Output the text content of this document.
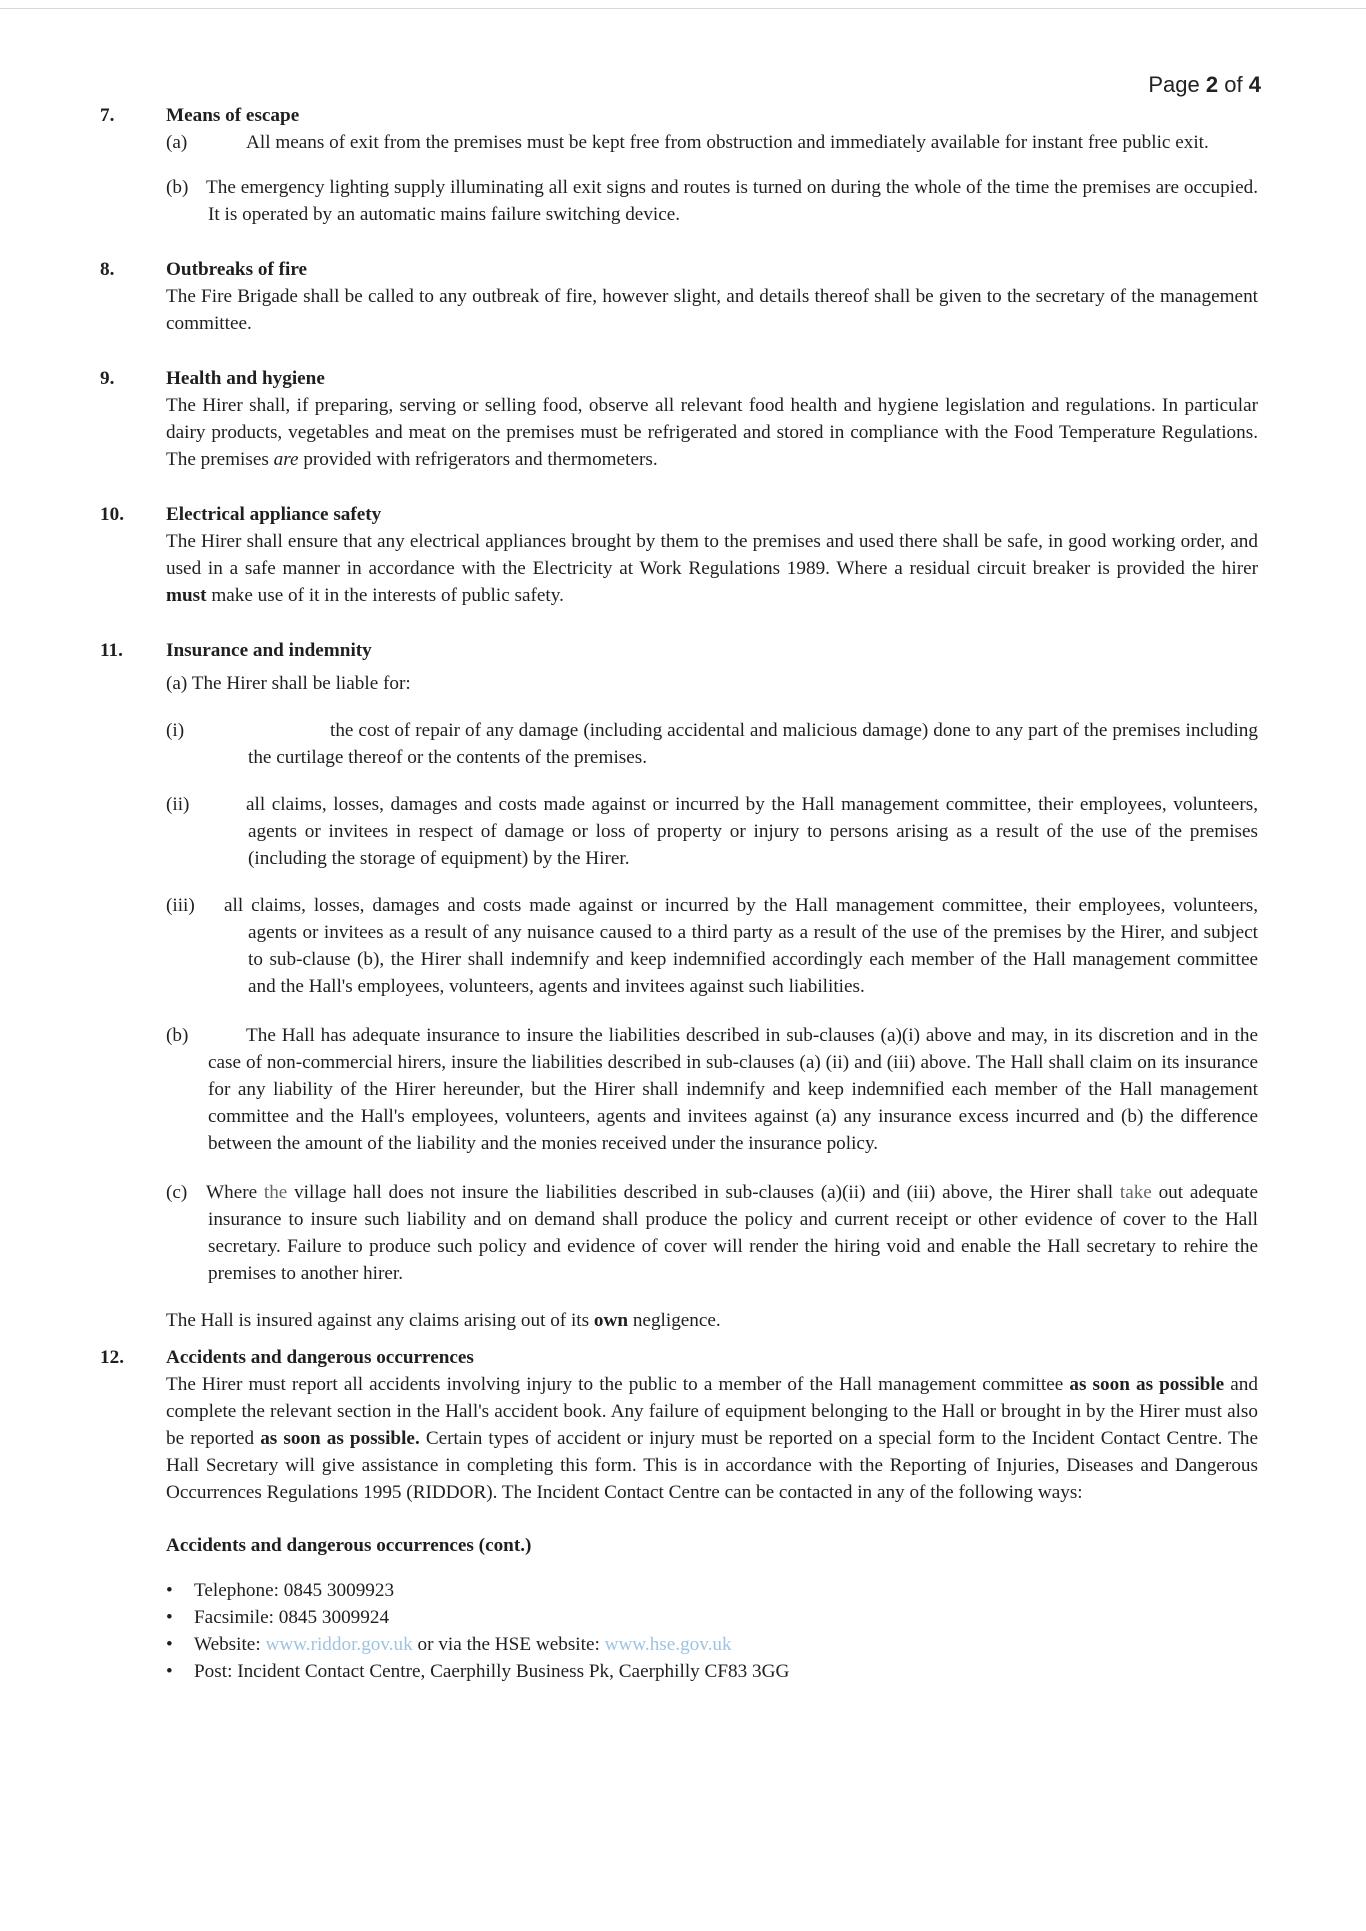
Page 2 of 4
7.	Means of escape

(a)	All means of exit from the premises must be kept free from obstruction and immediately available for instant free public exit.

(b) The emergency lighting supply illuminating all exit signs and routes is turned on during the whole of the time the premises are occupied. It is operated by an automatic mains failure switching device.

8.	Outbreaks of fire

The Fire Brigade shall be called to any outbreak of fire, however slight, and details thereof shall be given to the secretary of the management committee.

9.	Health and hygiene

The Hirer shall, if preparing, serving or selling food, observe all relevant food health and hygiene legislation and regulations. In particular dairy products, vegetables and meat on the premises must be refrigerated and stored in compliance with the Food Temperature Regulations. The premises are provided with refrigerators and thermometers.

10. Electrical appliance safety

The Hirer shall ensure that any electrical appliances brought by them to the premises and used there shall be safe, in good working order, and used in a safe manner in accordance with the Electricity at Work Regulations 1989. Where a residual circuit breaker is provided the hirer must make use of it in the interests of public safety.

11. Insurance and indemnity

(a) The Hirer shall be liable for:

(i)	the cost of repair of any damage (including accidental and malicious damage) done to any part of the premises including the curtilage thereof or the contents of the premises.

(ii)	all claims, losses, damages and costs made against or incurred by the Hall management committee, their employees, volunteers, agents or invitees in respect of damage or loss of property or injury to persons arising as a result of the use of the premises (including the storage of equipment) by the Hirer.

(iii) all claims, losses, damages and costs made against or incurred by the Hall management committee, their employees, volunteers, agents or invitees as a result of any nuisance caused to a third party as a result of the use of the premises by the Hirer, and subject to sub-clause (b), the Hirer shall indemnify and keep indemnified accordingly each member of the Hall management committee and the Hall's employees, volunteers, agents and invitees against such liabilities.

(b)	The Hall has adequate insurance to insure the liabilities described in sub-clauses (a)(i) above and may, in its discretion and in the case of non-commercial hirers, insure the liabilities described in sub-clauses (a) (ii) and (iii) above. The Hall shall claim on its insurance for any liability of the Hirer hereunder, but the Hirer shall indemnify and keep indemnified each member of the Hall management committee and the Hall's employees, volunteers, agents and invitees against (a) any insurance excess incurred and (b) the difference between the amount of the liability and the monies received under the insurance policy.

(c) Where the village hall does not insure the liabilities described in sub-clauses (a)(ii) and (iii) above, the Hirer shall take out adequate insurance to insure such liability and on demand shall produce the policy and current receipt or other evidence of cover to the Hall secretary. Failure to produce such policy and evidence of cover will render the hiring void and enable the Hall secretary to rehire the premises to another hirer.

The Hall is insured against any claims arising out of its own negligence.

12. Accidents and dangerous occurrences

The Hirer must report all accidents involving injury to the public to a member of the Hall management committee as soon as possible and complete the relevant section in the Hall's accident book. Any failure of equipment belonging to the Hall or brought in by the Hirer must also be reported as soon as possible. Certain types of accident or injury must be reported on a special form to the Incident Contact Centre. The Hall Secretary will give assistance in completing this form. This is in accordance with the Reporting of Injuries, Diseases and Dangerous Occurrences Regulations 1995 (RIDDOR). The Incident Contact Centre can be contacted in any of the following ways:

Accidents and dangerous occurrences (cont.)
• Telephone: 0845 3009923
• Facsimile: 0845 3009924
• Website: www.riddor.gov.uk or via the HSE website: www.hse.gov.uk
• Post: Incident Contact Centre, Caerphilly Business Pk, Caerphilly CF83 3GG
